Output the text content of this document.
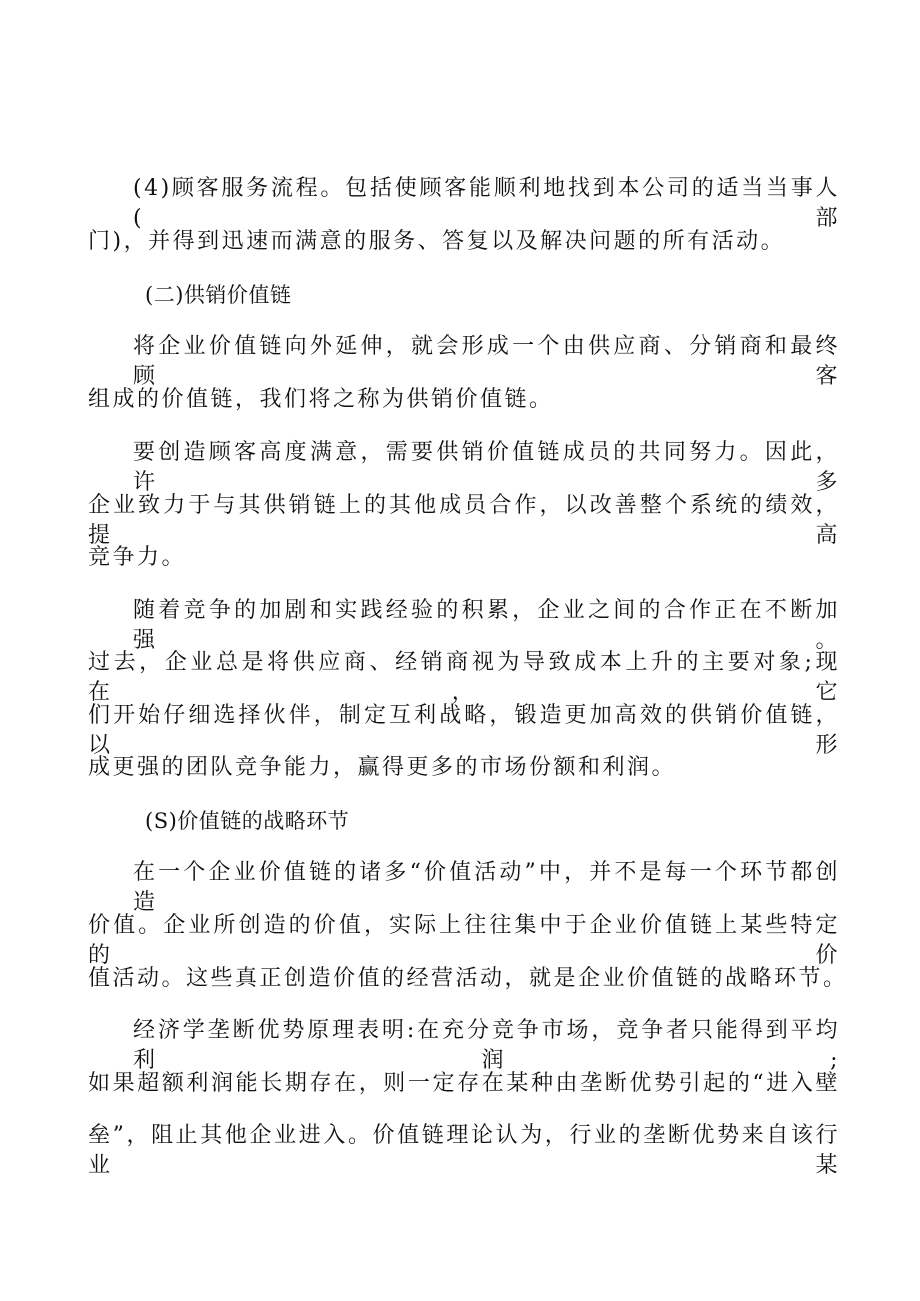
(4)顾客服务流程。包括使顾客能顺利地找到本公司的适当当事人(部
门)，并得到迅速而满意的服务、答复以及解决问题的所有活动。
(二)供销价值链
将企业价值链向外延伸，就会形成一个由供应商、分销商和最终顾客
组成的价值链，我们将之称为供销价值链。
要创造顾客高度满意，需要供销价值链成员的共同努力。因此，许多
企业致力于与其供销链上的其他成员合作，以改善整个系统的绩效，提高
竞争力。
随着竞争的加剧和实践经验的积累，企业之间的合作正在不断加强。
过去，企业总是将供应商、经销商视为导致成本上升的主要对象;现在，它
们开始仔细选择伙伴，制定互利战略，锻造更加高效的供销价值链，以形
成更强的团队竞争能力，赢得更多的市场份额和利润。
(S)价值链的战略环节
在一个企业价值链的诸多“价值活动”中，并不是每一个环节都创造
价值。企业所创造的价值，实际上往往集中于企业价值链上某些特定的价
值活动。这些真正创造价值的经营活动，就是企业价值链的战略环节。
经济学垄断优势原理表明:在充分竞争市场，竞争者只能得到平均利润;
如果超额利润能长期存在，则一定存在某种由垄断优势引起的“进入壁
垒”，阻止其他企业进入。价值链理论认为，行业的垄断优势来自该行业某
